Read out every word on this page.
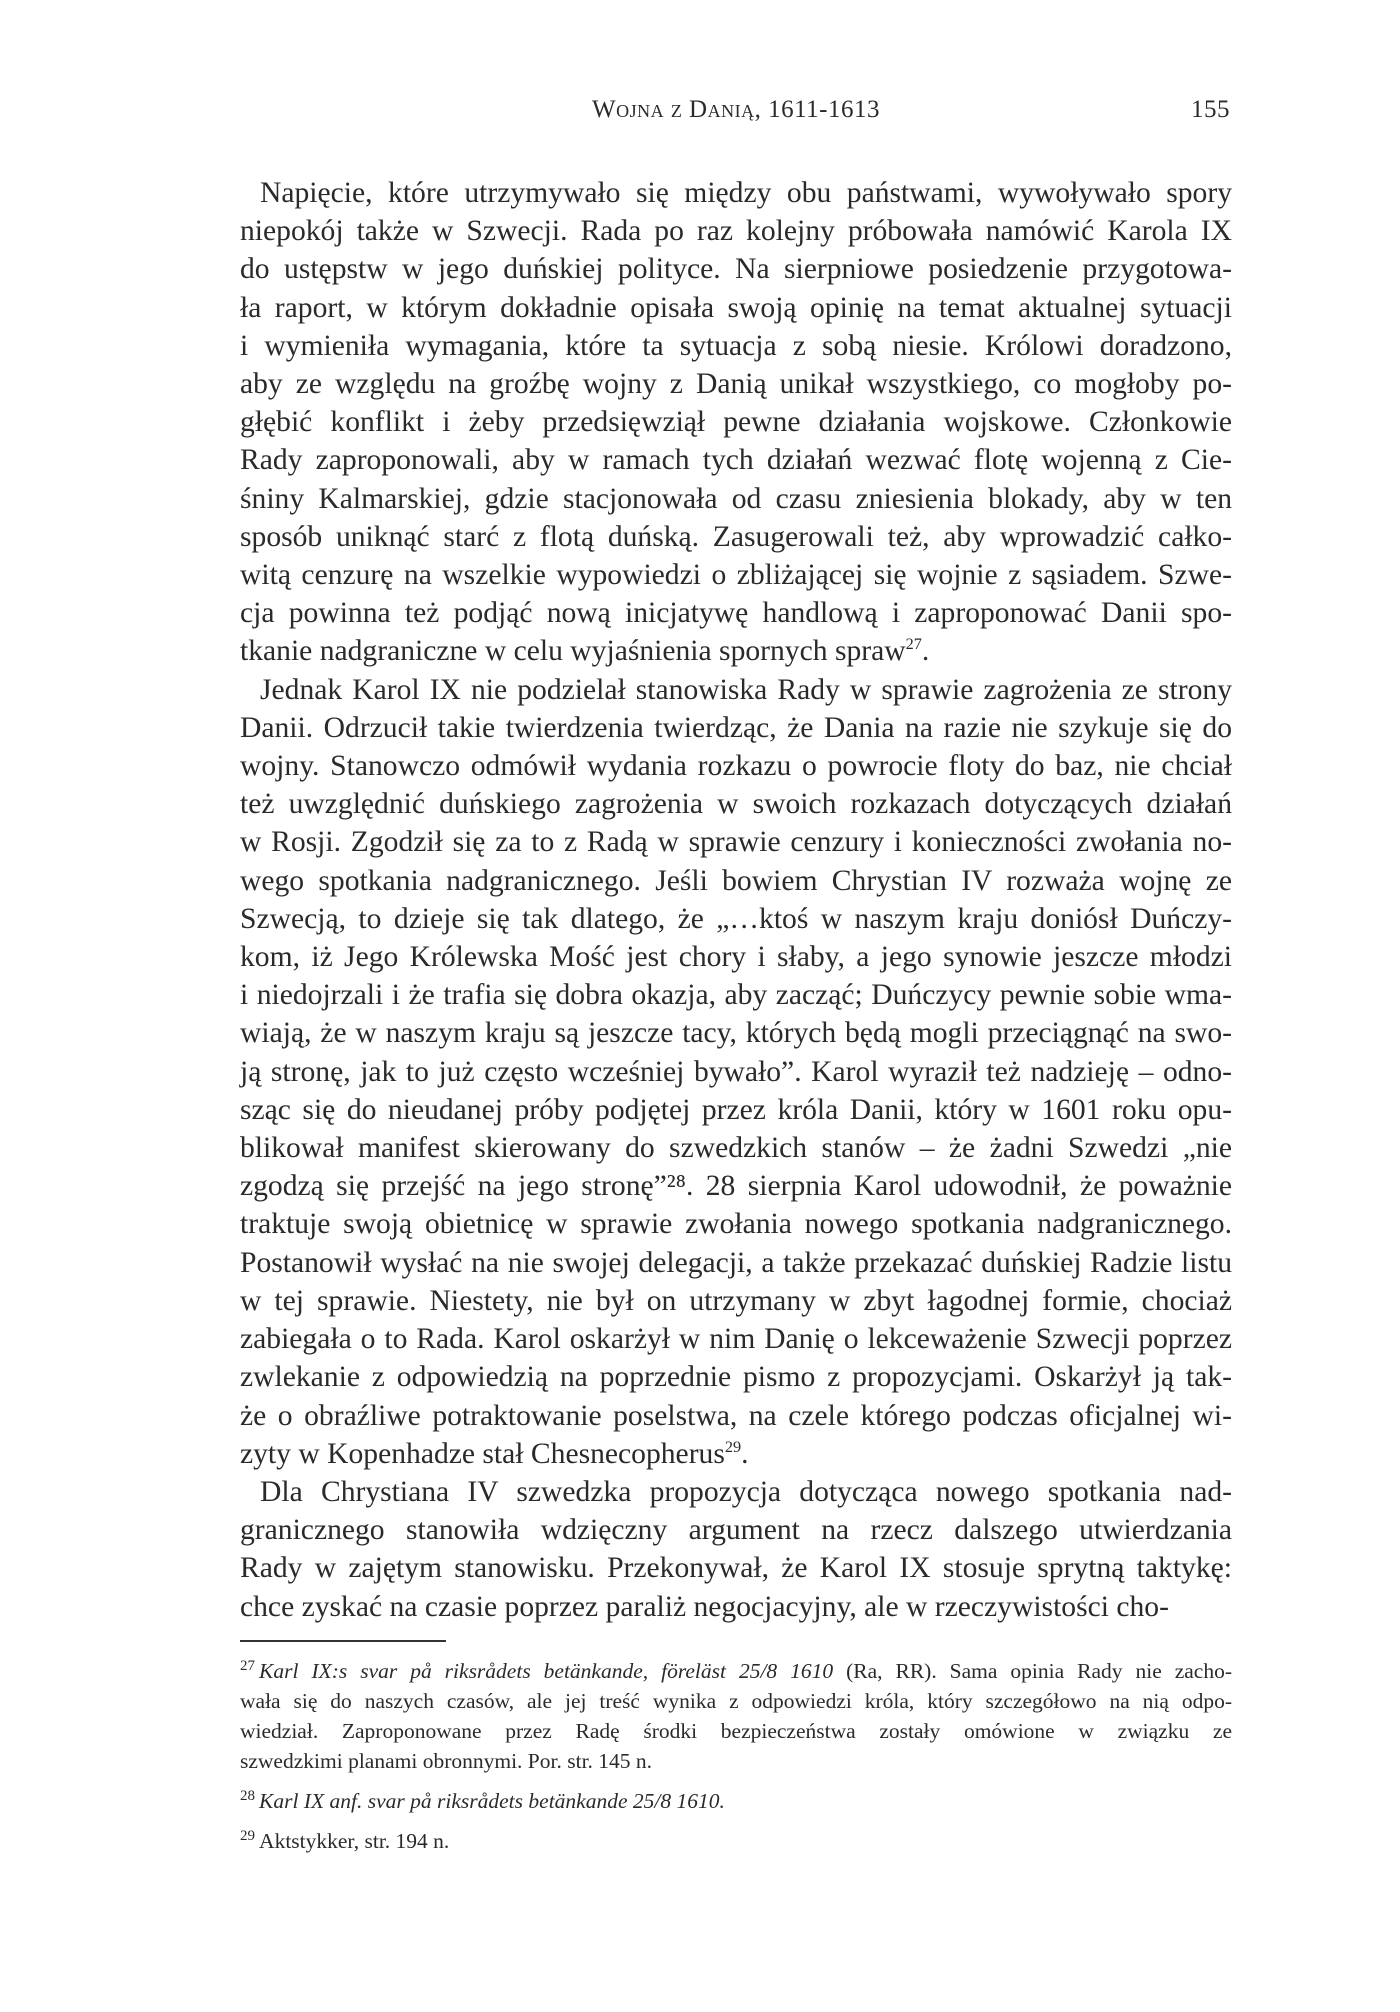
Wojna z Danią, 1611-1613	155

Napięcie, które utrzymywało się między obu państwami, wywoływało spory
niepokój także w Szwecji. Rada po raz kolejny próbowała namówić Karola IX
do ustępstw w jego duńskiej polityce. Na sierpniowe posiedzenie przygotowa-
ła raport, w którym dokładnie opisała swoją opinię na temat aktualnej sytuacji
i wymieniła wymagania, które ta sytuacja z sobą niesie. Królowi doradzono,
aby ze względu na groźbę wojny z Danią unikał wszystkiego, co mogłoby po-
głębić konflikt i żeby przedsięwziął pewne działania wojskowe. Członkowie
Rady zaproponowali, aby w ramach tych działań wezwać flotę wojenną z Cie-
śniny Kalmarskiej, gdzie stacjonowała od czasu zniesienia blokady, aby w ten
sposób uniknąć starć z flotą duńską. Zasugerowali też, aby wprowadzić całko-
witą cenzurę na wszelkie wypowiedzi o zbliżającej się wojnie z sąsiadem. Szwe-
cja powinna też podjąć nową inicjatywę handlową i zaproponować Danii spo-
tkanie nadgraniczne w celu wyjaśnienia spornych spraw$^{27}$.

Jednak Karol IX nie podzielał stanowiska Rady w sprawie zagrożenia ze strony
Danii. Odrzucił takie twierdzenia twierdząc, że Dania na razie nie szykuje się do
wojny. Stanowczo odmówił wydania rozkazu o powrocie floty do baz, nie chciał
też uwzględnić duńskiego zagrożenia w swoich rozkazach dotyczących działań
w Rosji. Zgodził się za to z Radą w sprawie cenzury i konieczności zwołania no-
wego spotkania nadgranicznego. Jeśli bowiem Chrystian IV rozważa wojnę ze
Szwecją, to dzieje się tak dlatego, że „…ktoś w naszym kraju doniósł Duńczy-
kom, iż Jego Królewska Mość jest chory i słaby, a jego synowie jeszcze młodzi
i niedojrzali i że trafia się dobra okazja, aby zacząć; Duńczycy pewnie sobie wma-
wiają, że w naszym kraju są jeszcze tacy, których będą mogli przeciągnąć na swo-
ją stronę, jak to już często wcześniej bywało”. Karol wyraził też nadzieję – odno-
sząc się do nieudanej próby podjętej przez króla Danii, który w 1601 roku opu-
blikował manifest skierowany do szwedzkich stanów – że żadni Szwedzi „nie
zgodzą się przejść na jego stronę”²⁸. 28 sierpnia Karol udowodnił, że poważnie
traktuje swoją obietnicę w sprawie zwołania nowego spotkania nadgranicznego.
Postanowił wysłać na nie swojej delegacji, a także przekazać duńskiej Radzie listu
w tej sprawie. Niestety, nie był on utrzymany w zbyt łagodnej formie, chociaż
zabiegała o to Rada. Karol oskarżył w nim Danię o lekceważenie Szwecji poprzez
zwlekanie z odpowiedzią na poprzednie pismo z propozycjami. Oskarżył ją tak-
że o obraźliwe potraktowanie poselstwa, na czele którego podczas oficjalnej wi-
zyty w Kopenhadze stał Chesnecopherus$^{29}$.

Dla Chrystiana IV szwedzka propozycja dotycząca nowego spotkania nad-
granicznego stanowiła wdzięczny argument na rzecz dalszego utwierdzania
Rady w zajętym stanowisku. Przekonywał, że Karol IX stosuje sprytną taktykę:
chce zyskać na czasie poprzez paraliż negocjacyjny, ale w rzeczywistości cho-

$^{27}$ Karl IX:s svar på riksrådets betänkande, föreläst 25/8 1610 (Ra, RR). Sama opinia Rady nie zacho-
wała się do naszych czasów, ale jej treść wynika z odpowiedzi króla, który szczegółowo na nią odpo-
wiedział. Zaproponowane przez Radę środki bezpieczeństwa zostały omówione w związku ze
szwedzkimi planami obronnymi. Por. str. 145 n.
$^{28}$ Karl IX anf. svar på riksrådets betänkande 25/8 1610.
$^{29}$ Aktstykker, str. 194 n.
